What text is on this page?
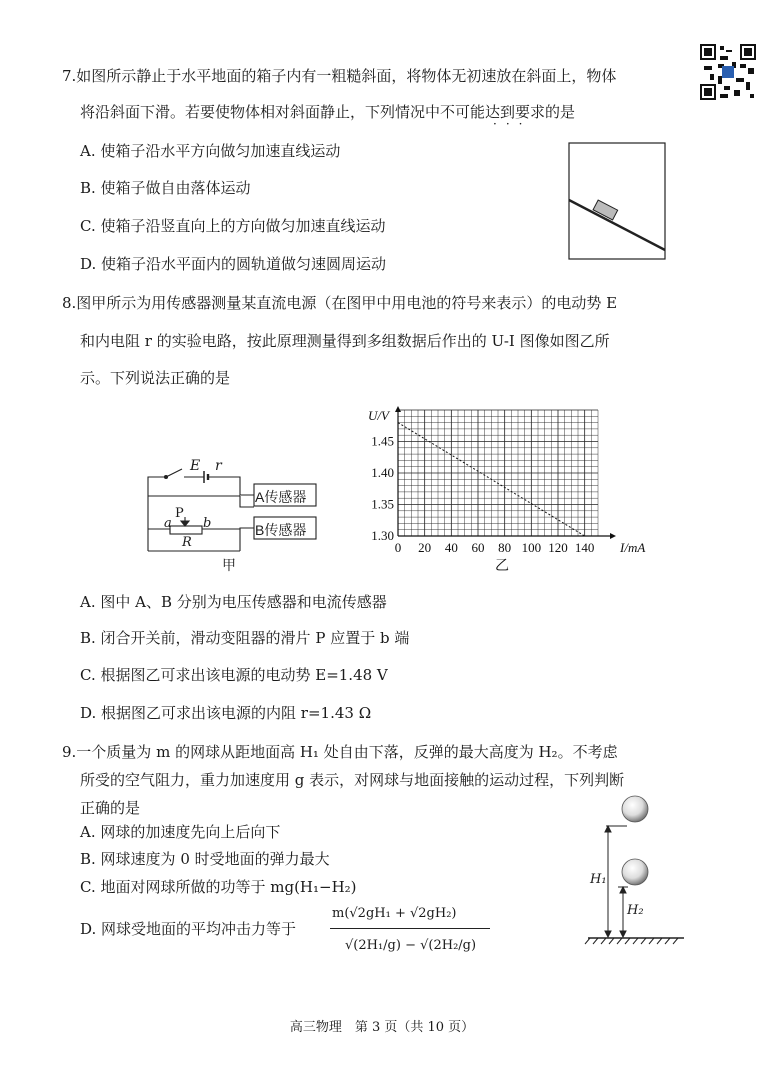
7.如图所示静止于水平地面的箱子内有一粗糙斜面，将物体无初速放在斜面上，物体
将沿斜面下滑。若要使物体相对斜面静止，下列情况中不可能达到要求的是
···
A. 使箱子沿水平方向做匀加速直线运动
B. 使箱子做自由落体运动
C. 使箱子沿竖直向上的方向做匀加速直线运动
D. 使箱子沿水平面内的圆轨道做匀速圆周运动
8.图甲所示为用传感器测量某直流电源（在图甲中用电池的符号来表示）的电动势 E
和内电阻 r 的实验电路，按此原理测量得到多组数据后作出的 U-I 图像如图乙所
示。下列说法正确的是
E r
A传感器
B传感器
a
P
b
R
甲
0 20 40 60 80 100 120 140
1.30
1.35
1.40
1.45
I/mA
U/V
乙
A. 图中 A、B 分别为电压传感器和电流传感器
B. 闭合开关前，滑动变阻器的滑片 P 应置于 b 端
C. 根据图乙可求出该电源的电动势 E=1.48 V
D. 根据图乙可求出该电源的内阻 r=1.43 Ω
9.一个质量为 m 的网球从距地面高 H₁ 处自由下落，反弹的最大高度为 H₂。不考虑
所受的空气阻力，重力加速度用 g 表示，对网球与地面接触的运动过程，下列判断
正确的是
A. 网球的加速度先向上后向下
B. 网球速度为 0 时受地面的弹力最大
C. 地面对网球所做的功等于 mg(H₁−H₂)
D. 网球受地面的平均冲击力等于
m(√2gH₁ + √2gH₂)
√(2H₁/g) − √(2H₂/g)
H₁
H₂
高三物理　第 3 页（共 10 页）
